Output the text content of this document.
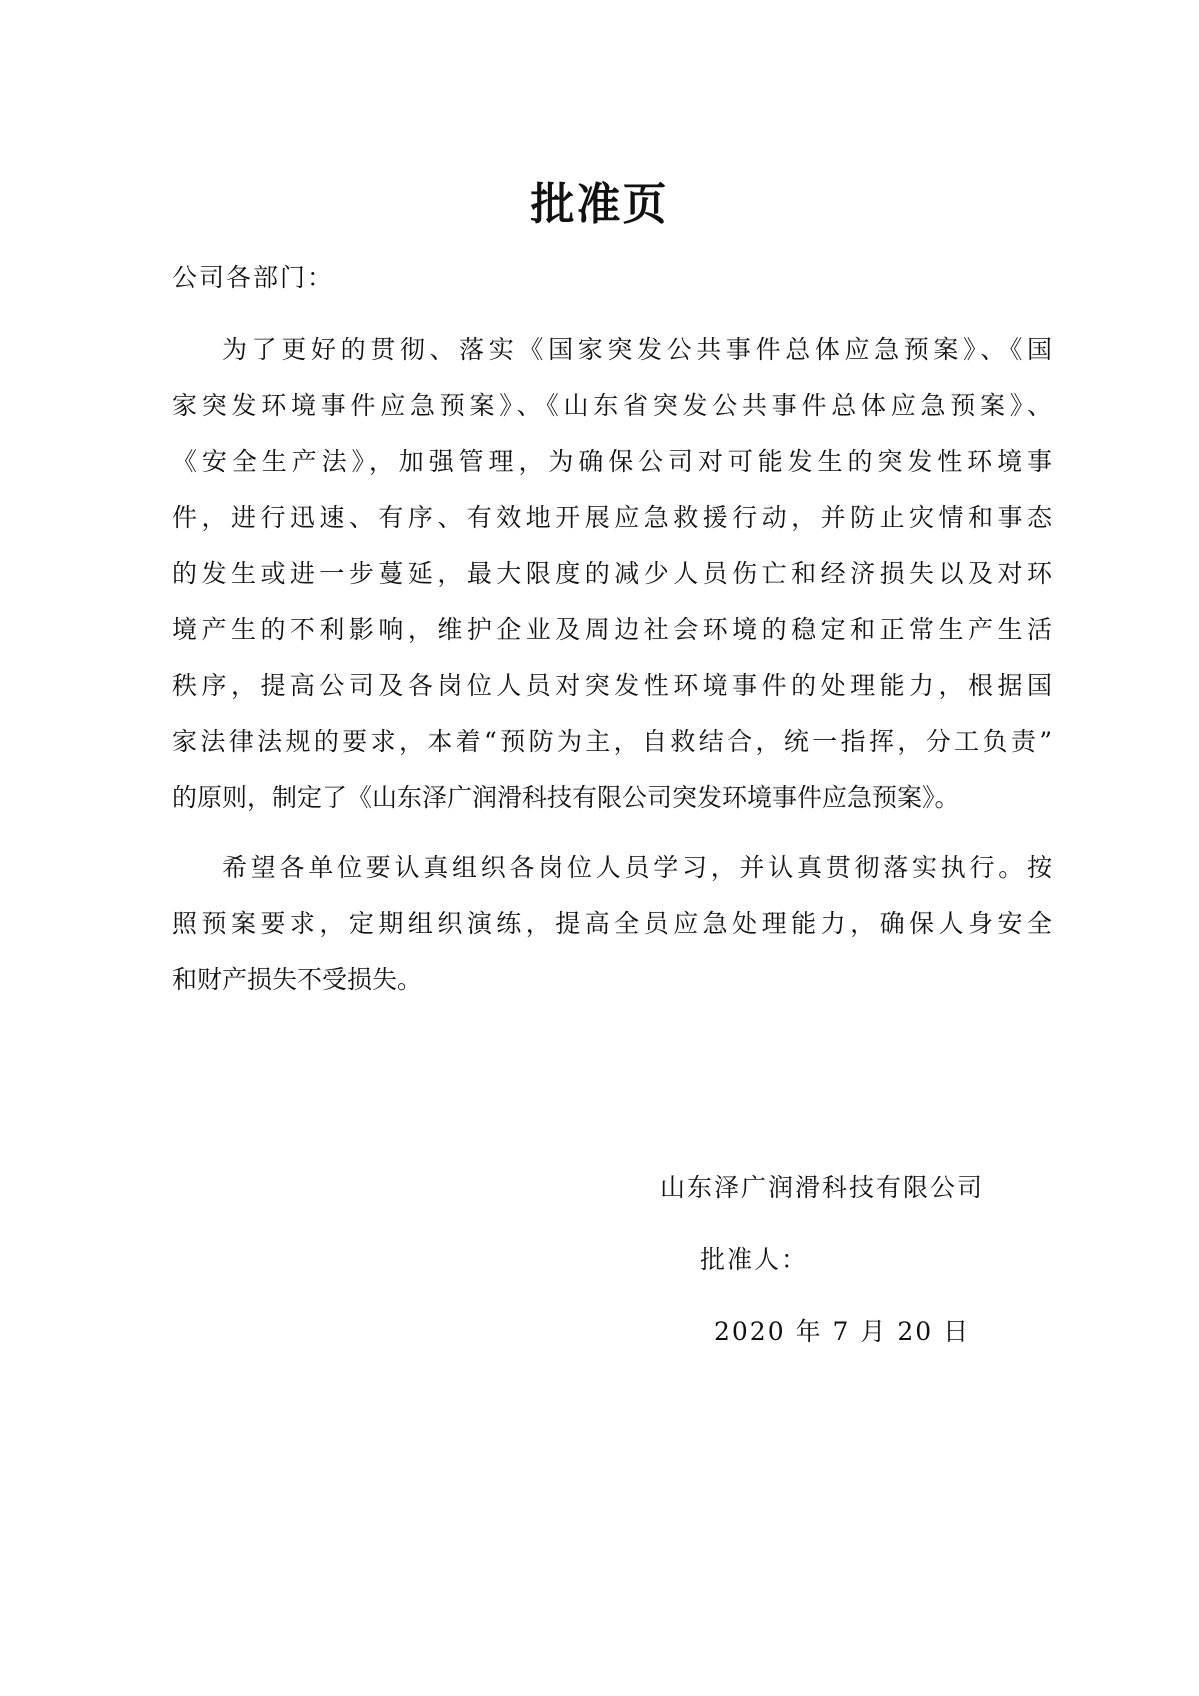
批准页
公司各部门：
为了更好的贯彻、落实《国家突发公共事件总体应急预案》、《国
家突发环境事件应急预案》、《山东省突发公共事件总体应急预案》、
《安全生产法》，加强管理，为确保公司对可能发生的突发性环境事
件，进行迅速、有序、有效地开展应急救援行动，并防止灾情和事态
的发生或进一步蔓延，最大限度的减少人员伤亡和经济损失以及对环
境产生的不利影响，维护企业及周边社会环境的稳定和正常生产生活
秩序，提高公司及各岗位人员对突发性环境事件的处理能力，根据国
家法律法规的要求，本着“预防为主，自救结合，统一指挥，分工负责”
的原则，制定了《山东泽广润滑科技有限公司突发环境事件应急预案》。
希望各单位要认真组织各岗位人员学习，并认真贯彻落实执行。按
照预案要求，定期组织演练，提高全员应急处理能力，确保人身安全
和财产损失不受损失。
山东泽广润滑科技有限公司
批准人：
2020 年 7 月 20 日
